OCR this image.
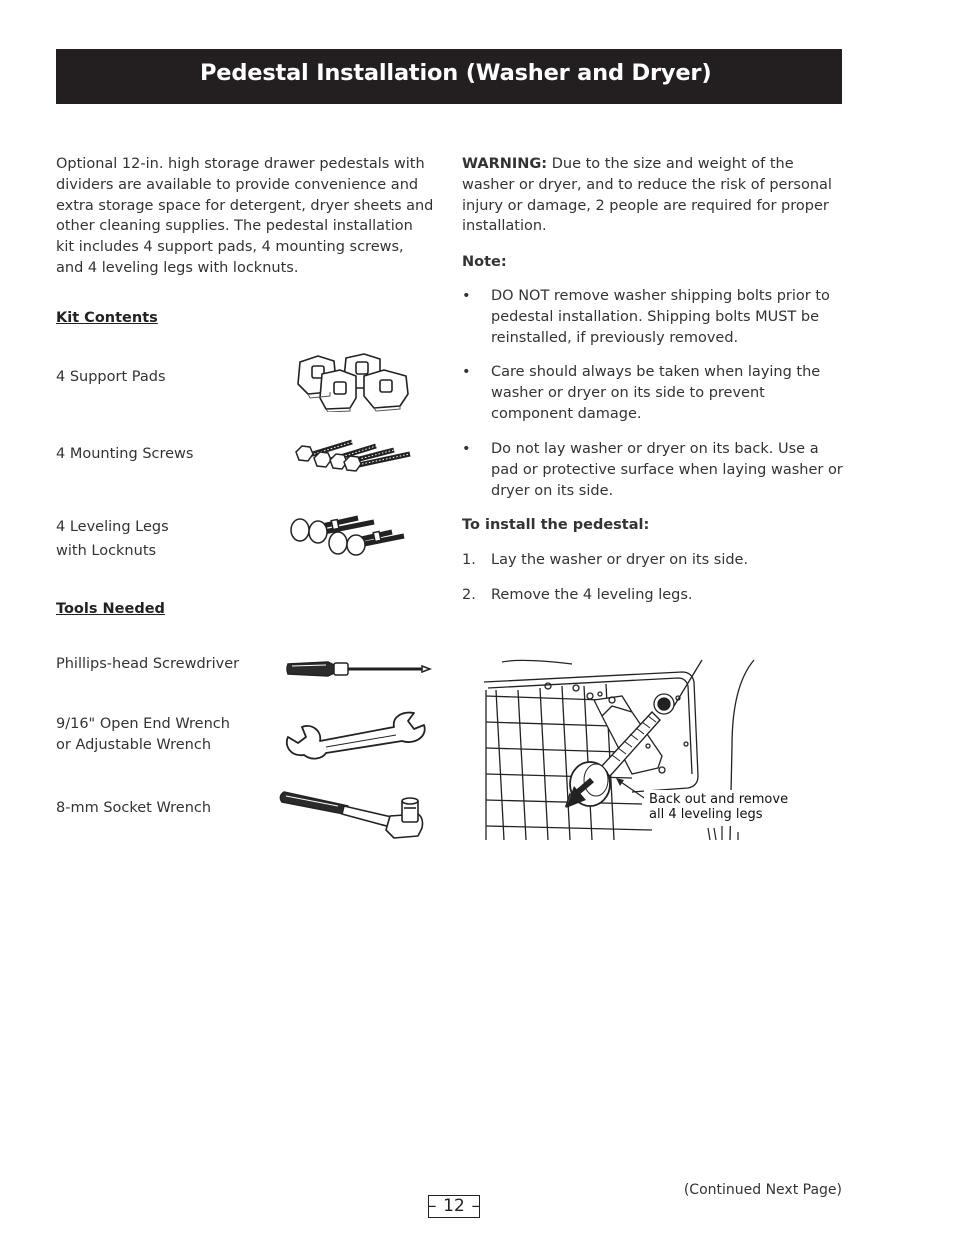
Pedestal Installation (Washer and Dryer)
Optional 12-in. high storage drawer pedestals with dividers are available to provide convenience and extra storage space for detergent, dryer sheets and other cleaning supplies. The pedestal installation kit includes 4 support pads, 4 mounting screws, and 4 leveling legs with locknuts.
Kit Contents
4 Support Pads
4 Mounting Screws
4 Leveling Legs
with Locknuts
Tools Needed
Phillips-head Screwdriver
9/16" Open End Wrench
or Adjustable Wrench
8-mm Socket Wrench
WARNING: Due to the size and weight of the washer or dryer, and to reduce the risk of personal injury or damage, 2 people are required for proper installation.
Note:
•	DO NOT remove washer shipping bolts prior to pedestal installation. Shipping bolts MUST be reinstalled, if previously removed.
•	Care should always be taken when laying the washer or dryer on its side to prevent component damage.
•	Do not lay washer or dryer on its back. Use a pad or protective surface when laying washer or dryer on its side.
To install the pedestal:
1.	Lay the washer or dryer on its side.
2.	Remove the 4 leveling legs.
Back out and remove
all 4 leveling legs
– 12 –
(Continued Next Page)
